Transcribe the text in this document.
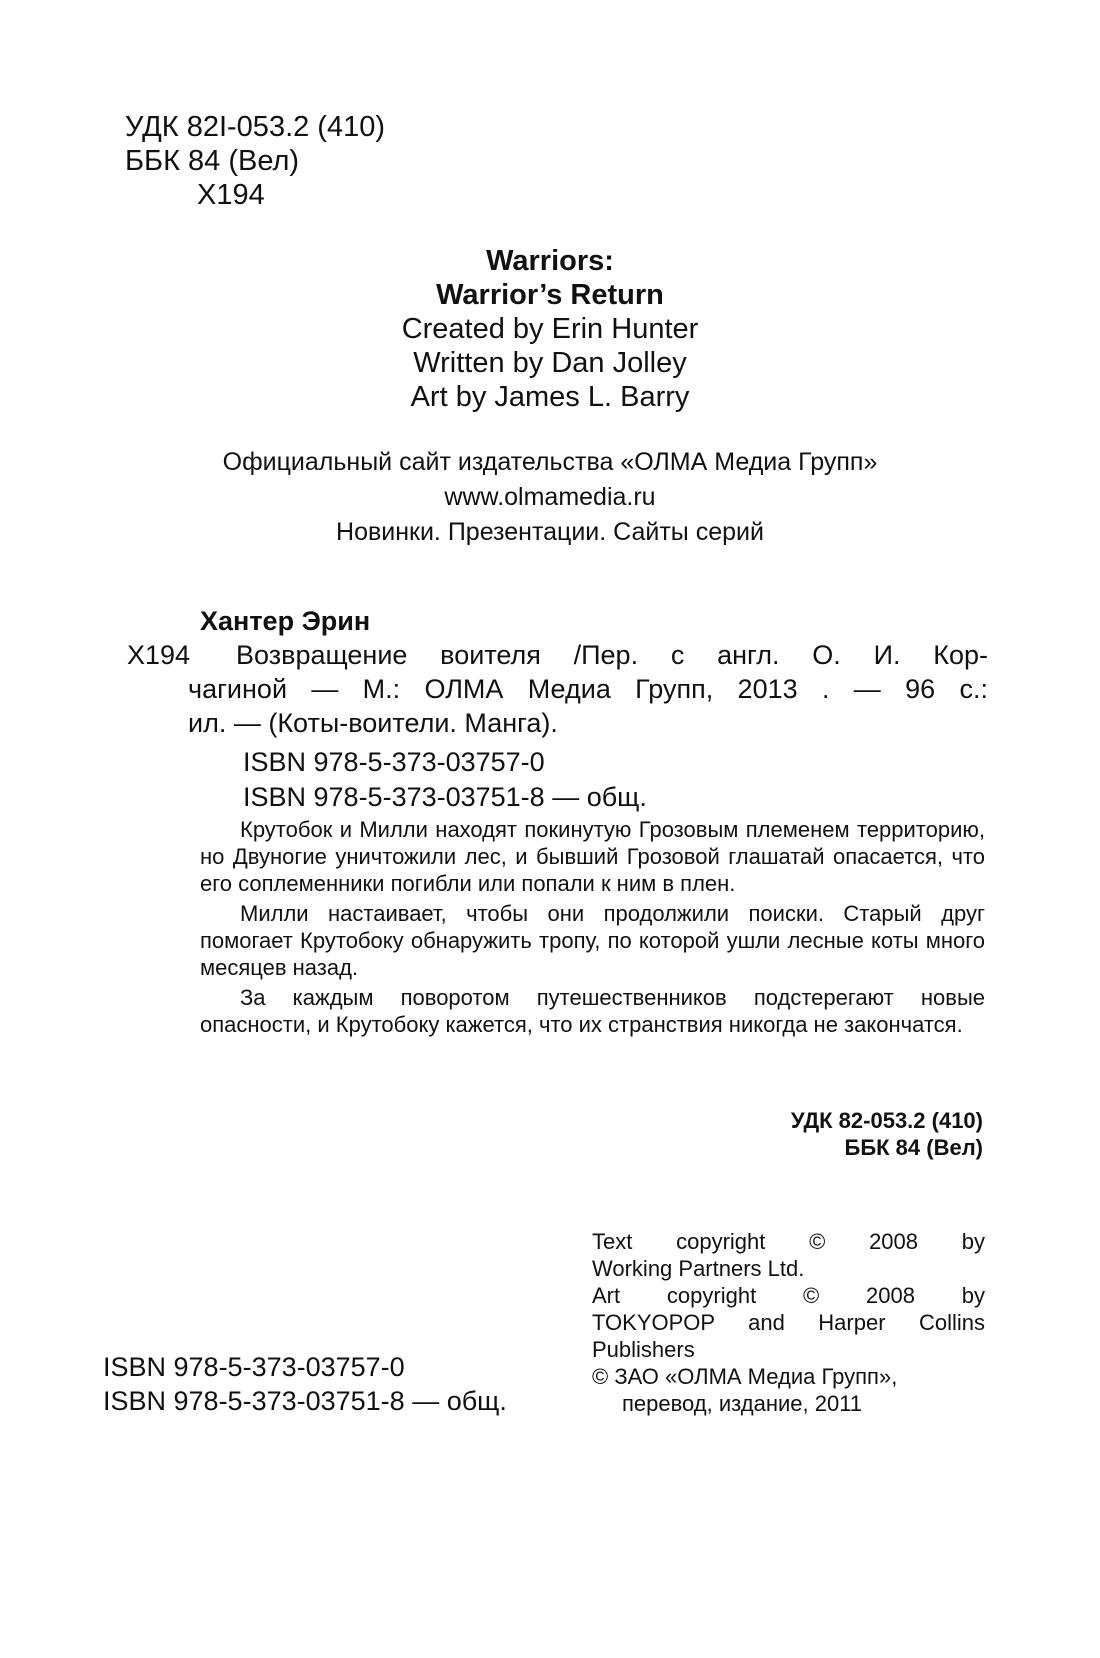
УДК 82I-053.2 (410)
ББК 84 (Вел)
Х194
Warriors:
Warrior’s Return
Created by Erin Hunter
Written by Dan Jolley
Art by James L. Barry
Официальный сайт издательства «ОЛМА Медиа Групп»
www.olmamedia.ru
Новинки. Презентации. Сайты серий
Хантер Эрин
Х194	Возвращение воителя /Пер. с англ. О. И. Кор-
чагиной — М.: ОЛМА Медиа Групп, 2013 . — 96 с.:
ил. — (Коты-воители. Манга).
ISBN 978-5-373-03757-0
ISBN 978-5-373-03751-8 — общ.

Крутобок и Милли находят покинутую Грозовым племенем территорию, но Двуногие уничтожили лес, и бывший Грозовой глашатай опасается, что его соплеменники погибли или попали к ним в плен.

Милли настаивает, чтобы они продолжили поиски. Старый друг помогает Крутобоку обнаружить тропу, по которой ушли лесные коты много месяцев назад.

За каждым поворотом путешественников подстерегают новые опасности, и Крутобоку кажется, что их странствия никогда не закончатся.

УДК 82-053.2 (410)
ББК 84 (Вел)
Text copyright © 2008 by
Working Partners Ltd.
Art copyright © 2008 by
TOKYOPOP and Harper Collins
Publishers
© ЗАО «ОЛМА Медиа Групп»,
перевод, издание, 2011
ISBN 978-5-373-03757-0
ISBN 978-5-373-03751-8 — общ.
